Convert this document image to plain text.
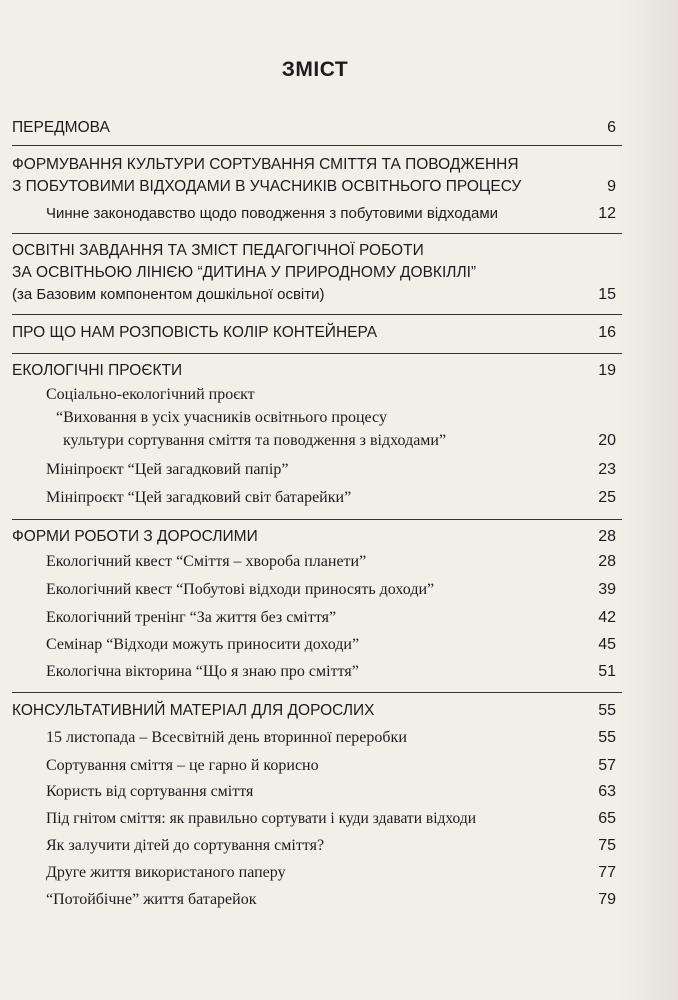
ЗМІСТ
ПЕРЕДМОВА	6
ФОРМУВАННЯ КУЛЬТУРИ СОРТУВАННЯ СМІТТЯ ТА ПОВОДЖЕННЯ
З ПОБУТОВИМИ ВІДХОДАМИ В УЧАСНИКІВ ОСВІТНЬОГО ПРОЦЕСУ	9
Чинне законодавство щодо поводження з побутовими відходами	12
ОСВІТНІ ЗАВДАННЯ ТА ЗМІСТ ПЕДАГОГІЧНОЇ РОБОТИ
ЗА ОСВІТНЬОЮ ЛІНІЄЮ “ДИТИНА У ПРИРОДНОМУ ДОВКІЛЛІ”
(за Базовим компонентом дошкільної освіти)	15
ПРО ЩО НАМ РОЗПОВІСТЬ КОЛІР КОНТЕЙНЕРА	16
ЕКОЛОГІЧНІ ПРОЄКТИ	19
Соціально-екологічний проєкт
“Виховання в усіх учасників освітнього процесу
культури сортування сміття та поводження з відходами”	20
Мініпроєкт “Цей загадковий папір”	23
Мініпроєкт “Цей загадковий світ батарейки”	25
ФОРМИ РОБОТИ З ДОРОСЛИМИ	28
Екологічний квест “Сміття – хвороба планети”	28
Екологічний квест “Побутові відходи приносять доходи”	39
Екологічний тренінг “За життя без сміття”	42
Семінар “Відходи можуть приносити доходи”	45
Екологічна вікторина “Що я знаю про сміття”	51
КОНСУЛЬТАТИВНИЙ МАТЕРІАЛ ДЛЯ ДОРОСЛИХ	55
15 листопада – Всесвітній день вторинної переробки	55
Сортування сміття – це гарно й корисно	57
Користь від сортування сміття	63
Під гнітом сміття: як правильно сортувати і куди здавати відходи	65
Як залучити дітей до сортування сміття?	75
Друге життя використаного паперу	77
“Потойбічне” життя батарейок	79
